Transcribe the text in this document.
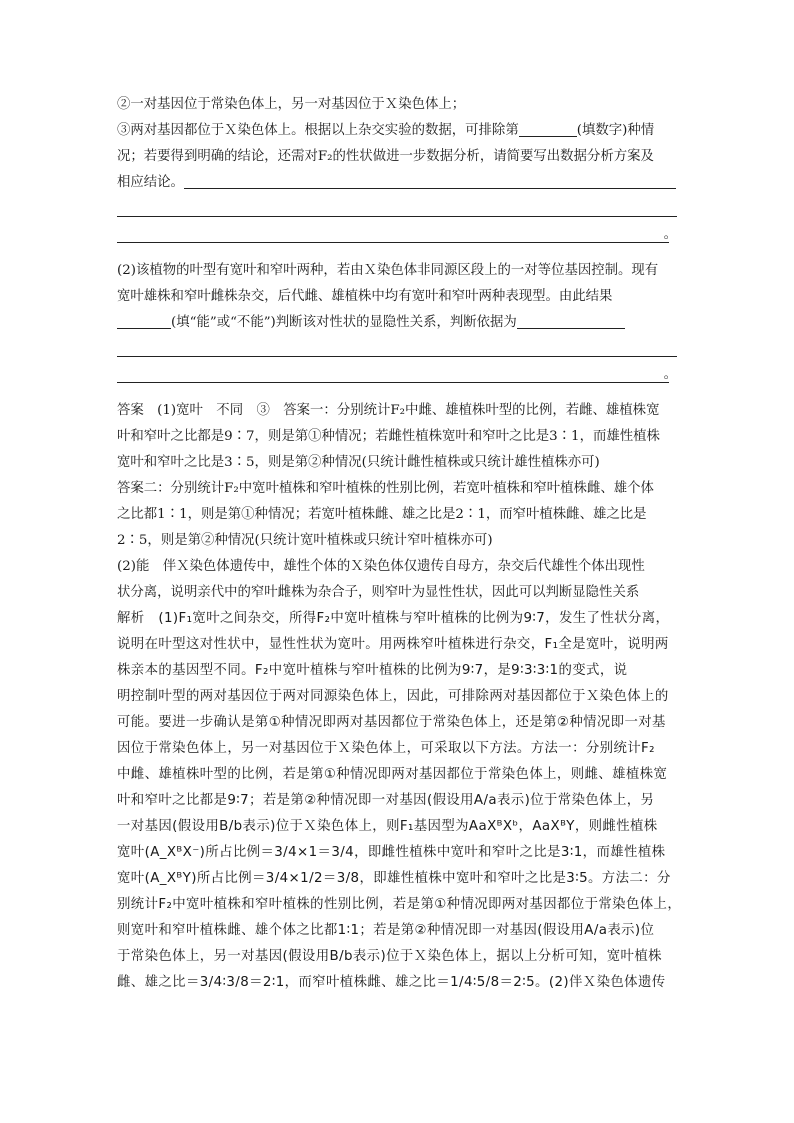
②一对基因位于常染色体上，另一对基因位于Ｘ染色体上；
③两对基因都位于Ｘ染色体上。根据以上杂交实验的数据，可排除第	(填数字)种情
况；若要得到明确的结论，还需对F₂的性状做进一步数据分析，请简要写出数据分析方案及
相应结论。
。
(2)该植物的叶型有宽叶和窄叶两种，若由Ｘ染色体非同源区段上的一对等位基因控制。现有
宽叶雄株和窄叶雌株杂交，后代雌、雄植株中均有宽叶和窄叶两种表现型。由此结果
(填“能”或“不能”)判断该对性状的显隐性关系，判断依据为
。
答案　(1)宽叶　不同　③　答案一：分别统计F₂中雌、雄植株叶型的比例，若雌、雄植株宽
叶和窄叶之比都是9∶7，则是第①种情况；若雌性植株宽叶和窄叶之比是3∶1，而雄性植株
宽叶和窄叶之比是3∶5，则是第②种情况(只统计雌性植株或只统计雄性植株亦可)
答案二：分别统计F₂中宽叶植株和窄叶植株的性别比例，若宽叶植株和窄叶植株雌、雄个体
之比都1∶1，则是第①种情况；若宽叶植株雌、雄之比是2∶1，而窄叶植株雌、雄之比是
2∶5，则是第②种情况(只统计宽叶植株或只统计窄叶植株亦可)
(2)能　伴Ｘ染色体遗传中，雄性个体的Ｘ染色体仅遗传自母方，杂交后代雄性个体出现性
状分离，说明亲代中的窄叶雌株为杂合子，则窄叶为显性性状，因此可以判断显隐性关系
解析　(1)F₁宽叶之间杂交，所得F₂中宽叶植株与窄叶植株的比例为9∶7，发生了性状分离，
说明在叶型这对性状中，显性性状为宽叶。用两株窄叶植株进行杂交，F₁全是宽叶，说明两
株亲本的基因型不同。F₂中宽叶植株与窄叶植株的比例为9∶7，是9∶3∶3∶1的变式，说
明控制叶型的两对基因位于两对同源染色体上，因此，可排除两对基因都位于Ｘ染色体上的
可能。要进一步确认是第①种情况即两对基因都位于常染色体上，还是第②种情况即一对基
因位于常染色体上，另一对基因位于Ｘ染色体上，可采取以下方法。方法一：分别统计F₂
中雌、雄植株叶型的比例，若是第①种情况即两对基因都位于常染色体上，则雌、雄植株宽
叶和窄叶之比都是9∶7；若是第②种情况即一对基因(假设用A/a表示)位于常染色体上，另
一对基因(假设用B/b表示)位于Ｘ染色体上，则F₁基因型为AaXᴮXᵇ，AaXᴮY，则雌性植株
宽叶(A_XᴮX⁻)所占比例＝3/4×1＝3/4，即雌性植株中宽叶和窄叶之比是3∶1，而雄性植株
宽叶(A_XᴮY)所占比例＝3/4×1/2＝3/8，即雄性植株中宽叶和窄叶之比是3∶5。方法二：分
别统计F₂中宽叶植株和窄叶植株的性别比例，若是第①种情况即两对基因都位于常染色体上，
则宽叶和窄叶植株雌、雄个体之比都1∶1；若是第②种情况即一对基因(假设用A/a表示)位
于常染色体上，另一对基因(假设用B/b表示)位于Ｘ染色体上，据以上分析可知，宽叶植株
雌、雄之比＝3/4∶3/8＝2∶1，而窄叶植株雌、雄之比＝1/4∶5/8＝2∶5。(2)伴Ｘ染色体遗传
